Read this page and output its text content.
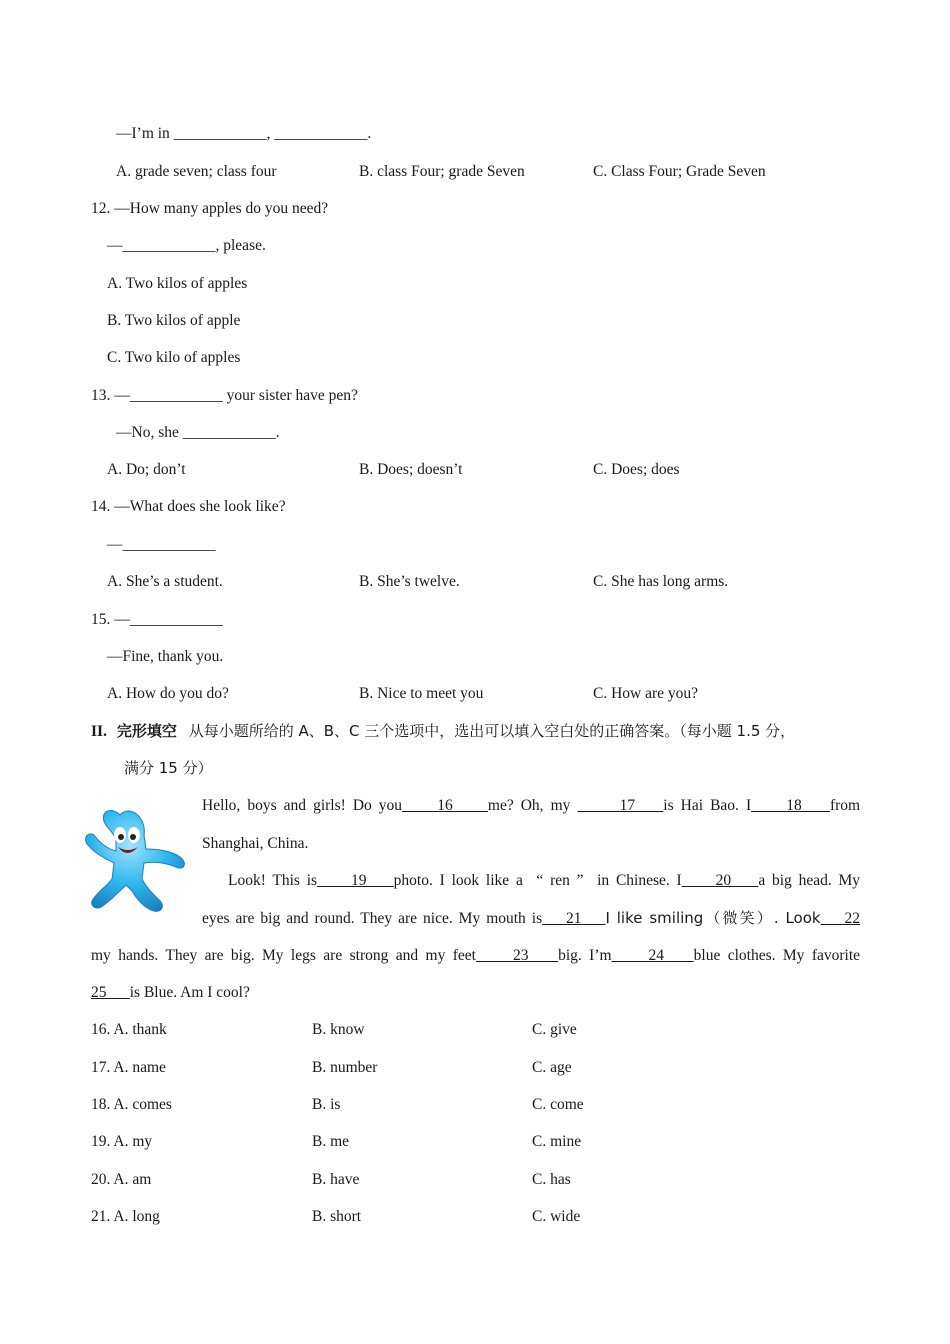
—I’m in ____________, ____________.
A. grade seven; class four	B. class Four; grade Seven	C. Class Four; Grade Seven
12. —How many apples do you need?
—____________, please.
A. Two kilos of apples
B. Two kilos of apple
C. Two kilo of apples
13. —____________ your sister have pen?
—No, she ____________.
A. Do; don’t	B. Does; doesn’t	C. Does; does
14. —What does she look like?
—____________
A. She’s a student.	B. She’s twelve.	C. She has long arms.
15. —____________
—Fine, thank you.
A. How do you do?	B. Nice to meet you	C. How are you?
II. 完形填空 从每小题所给的 A、B、C 三个选项中，选出可以填入空白处的正确答案。（每小题 1.5 分，
满分 15 分）
Hello, boys and girls! Do you 16 me? Oh, my	17 is Hai Bao. I 18 from
Shanghai, China.
Look! This is 19 photo. I look like a  “ ren ”  in Chinese. I 20 a big head. My
eyes are big and round. They are nice. My mouth is 21 I like smiling（微笑）. Look 22
my hands. They are big. My legs are strong and my feet 23 big. I’m 24 blue clothes. My favorite
25 is Blue. Am I cool?
16. A. thank	B. know	C. give
17. A. name	B. number	C. age
18. A. comes	B. is	C. come
19. A. my	B. me	C. mine
20. A. am	B. have	C. has
21. A. long	B. short	C. wide
